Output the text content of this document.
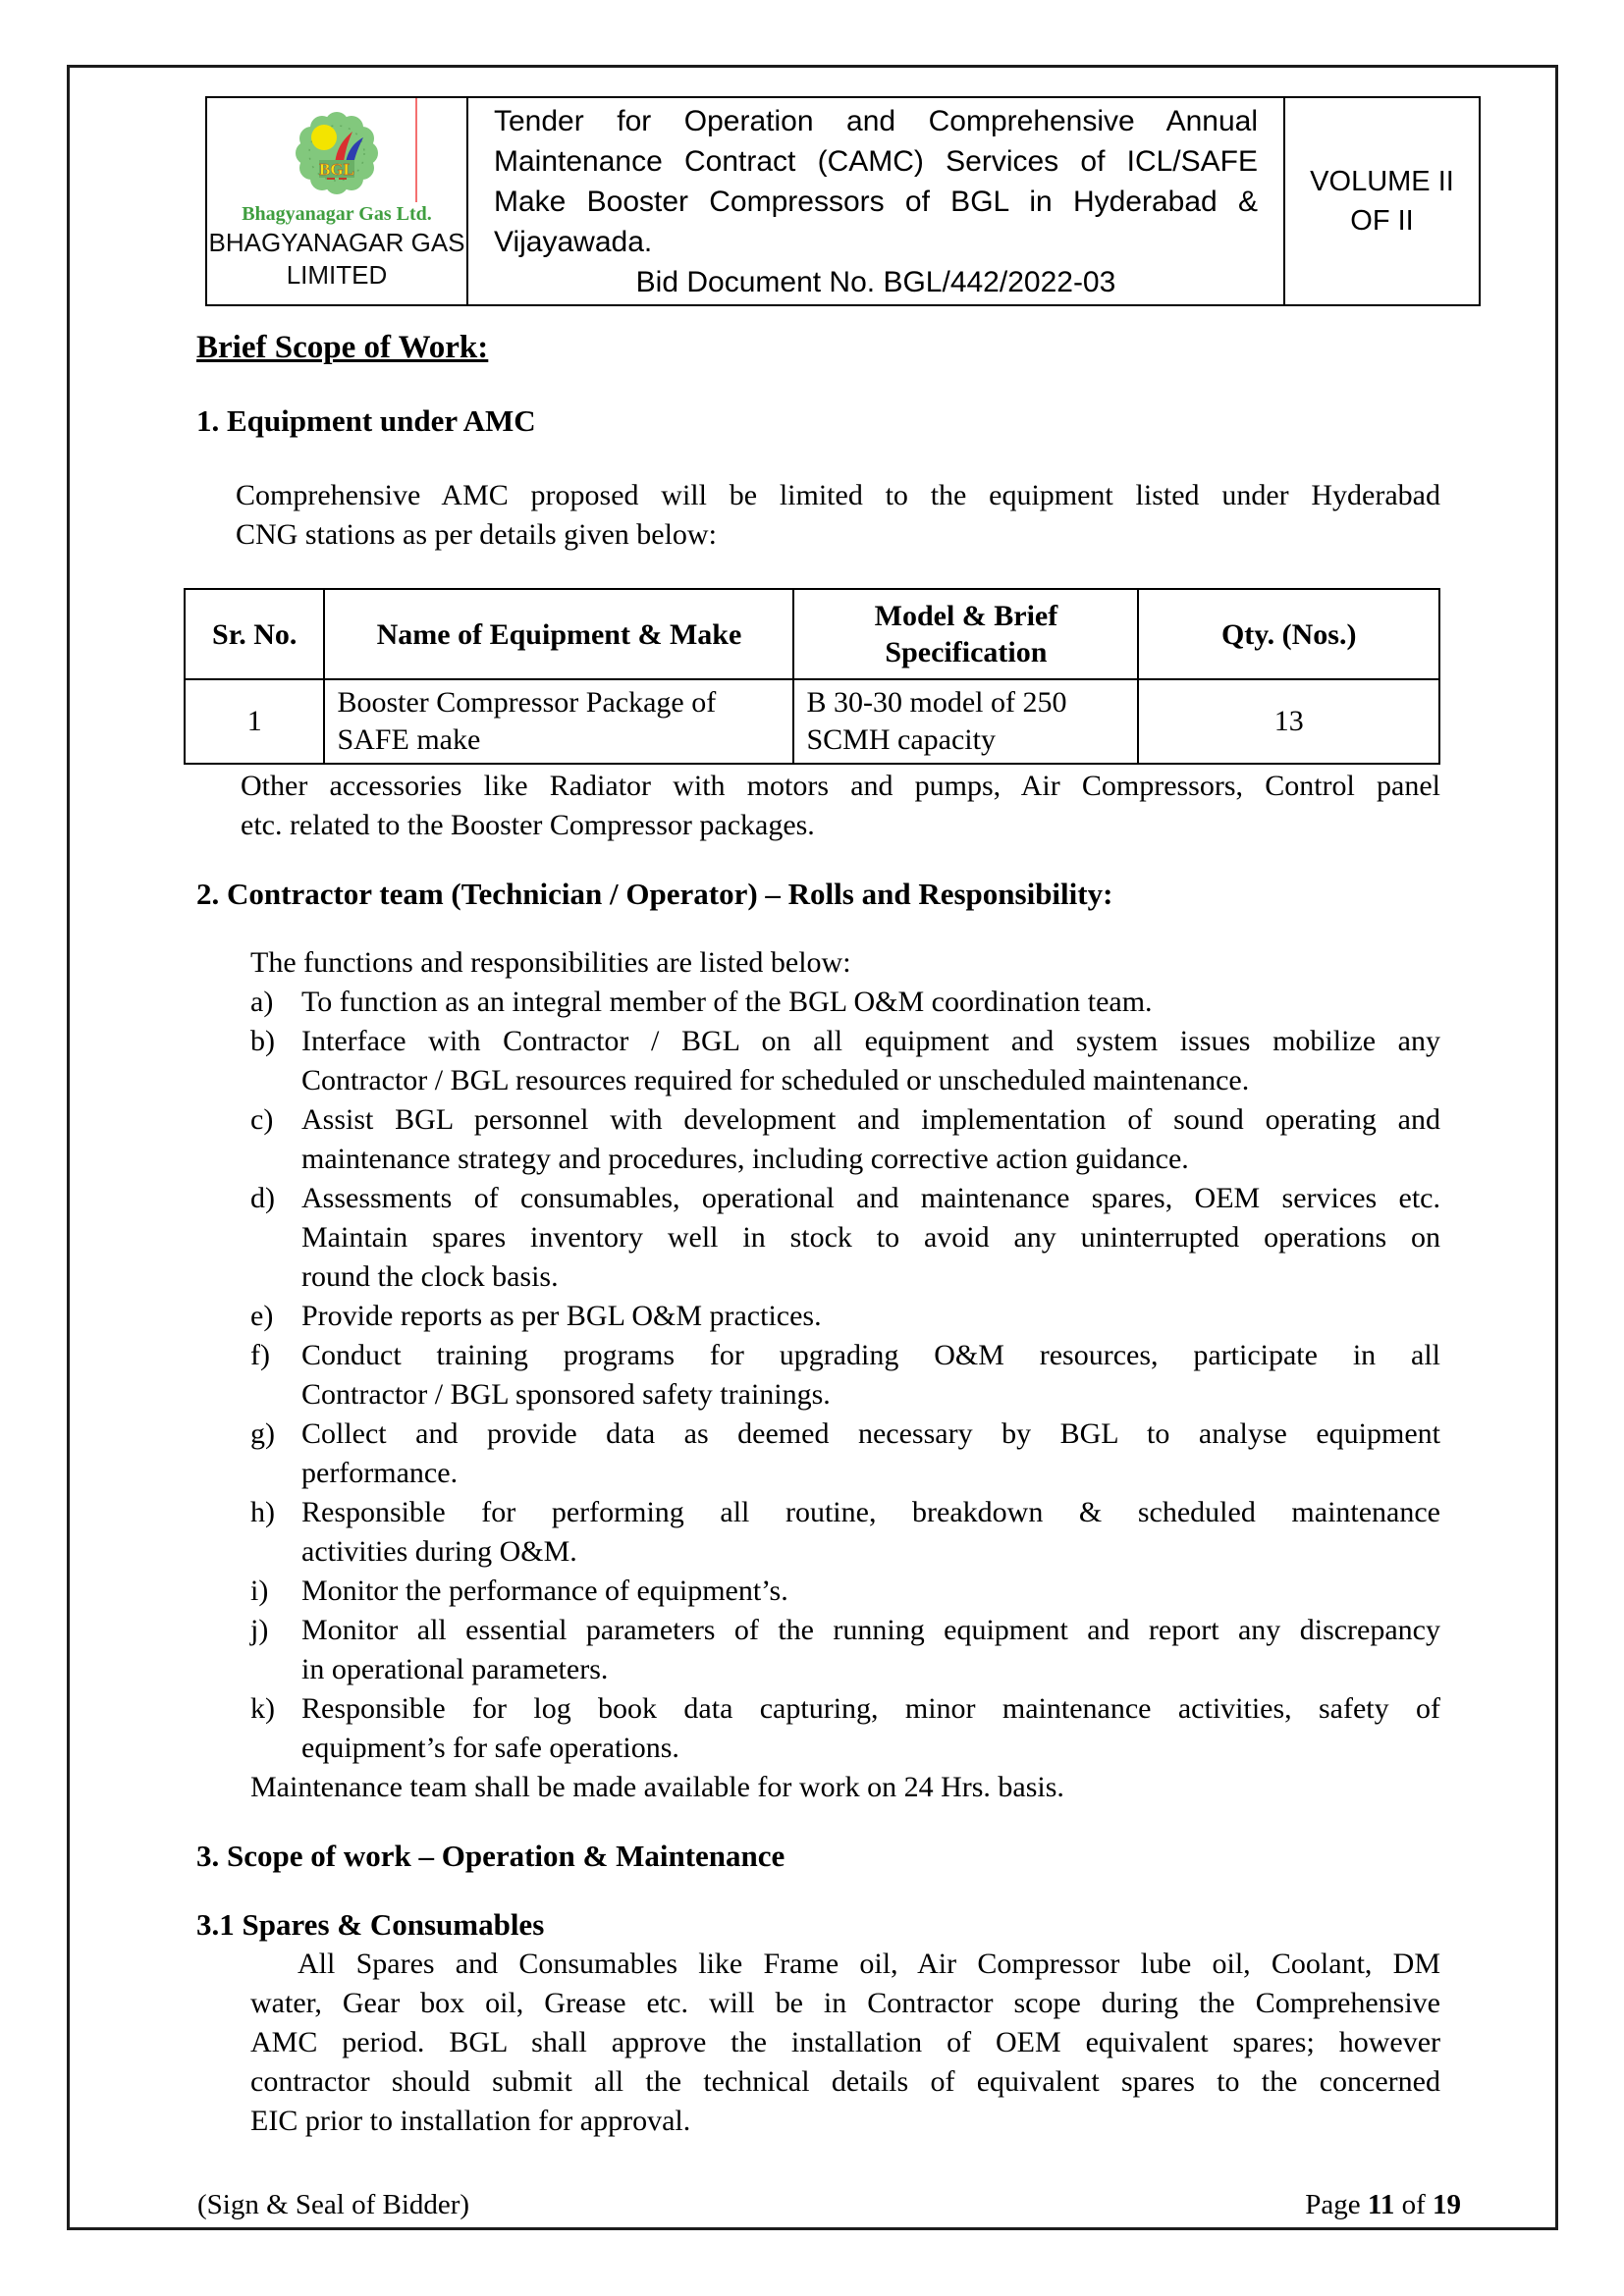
BGL
Bhagyanagar Gas Ltd.
BHAGYANAGAR GAS
LIMITED

Tender for Operation and Comprehensive Annual
Maintenance Contract (CAMC) Services of ICL/SAFE
Make Booster Compressors of BGL in Hyderabad &
Vijayawada.
Bid Document No. BGL/442/2022-03

VOLUME II
OF II
Brief Scope of Work:
1. Equipment under AMC
Comprehensive AMC proposed will be limited to the equipment listed under Hyderabad
CNG stations as per details given below:
Sr. No.	Name of Equipment & Make	Model & Brief Specification	Qty. (Nos.)
1	Booster Compressor Package of SAFE make	B 30-30 model of 250 SCMH capacity	13
Other accessories like Radiator with motors and pumps, Air Compressors, Control panel
etc. related to the Booster Compressor packages.
2. Contractor team (Technician / Operator) – Rolls and Responsibility:
The functions and responsibilities are listed below:
a) To function as an integral member of the BGL O&M coordination team.
b) Interface with Contractor / BGL on all equipment and system issues mobilize any
Contractor / BGL resources required for scheduled or unscheduled maintenance.
c) Assist BGL personnel with development and implementation of sound operating and
maintenance strategy and procedures, including corrective action guidance.
d) Assessments of consumables, operational and maintenance spares, OEM services etc.
Maintain spares inventory well in stock to avoid any uninterrupted operations on
round the clock basis.
e) Provide reports as per BGL O&M practices.
f) Conduct training programs for upgrading O&M resources, participate in all
Contractor / BGL sponsored safety trainings.
g) Collect and provide data as deemed necessary by BGL to analyse equipment
performance.
h) Responsible for performing all routine, breakdown & scheduled maintenance
activities during O&M.
i) Monitor the performance of equipment’s.
j) Monitor all essential parameters of the running equipment and report any discrepancy
in operational parameters.
k) Responsible for log book data capturing, minor maintenance activities, safety of
equipment’s for safe operations.
Maintenance team shall be made available for work on 24 Hrs. basis.
3. Scope of work – Operation & Maintenance
3.1 Spares & Consumables
All Spares and Consumables like Frame oil, Air Compressor lube oil, Coolant, DM
water, Gear box oil, Grease etc. will be in Contractor scope during the Comprehensive
AMC period. BGL shall approve the installation of OEM equivalent spares; however
contractor should submit all the technical details of equivalent spares to the concerned
EIC prior to installation for approval.
(Sign & Seal of Bidder)	Page 11 of 19
